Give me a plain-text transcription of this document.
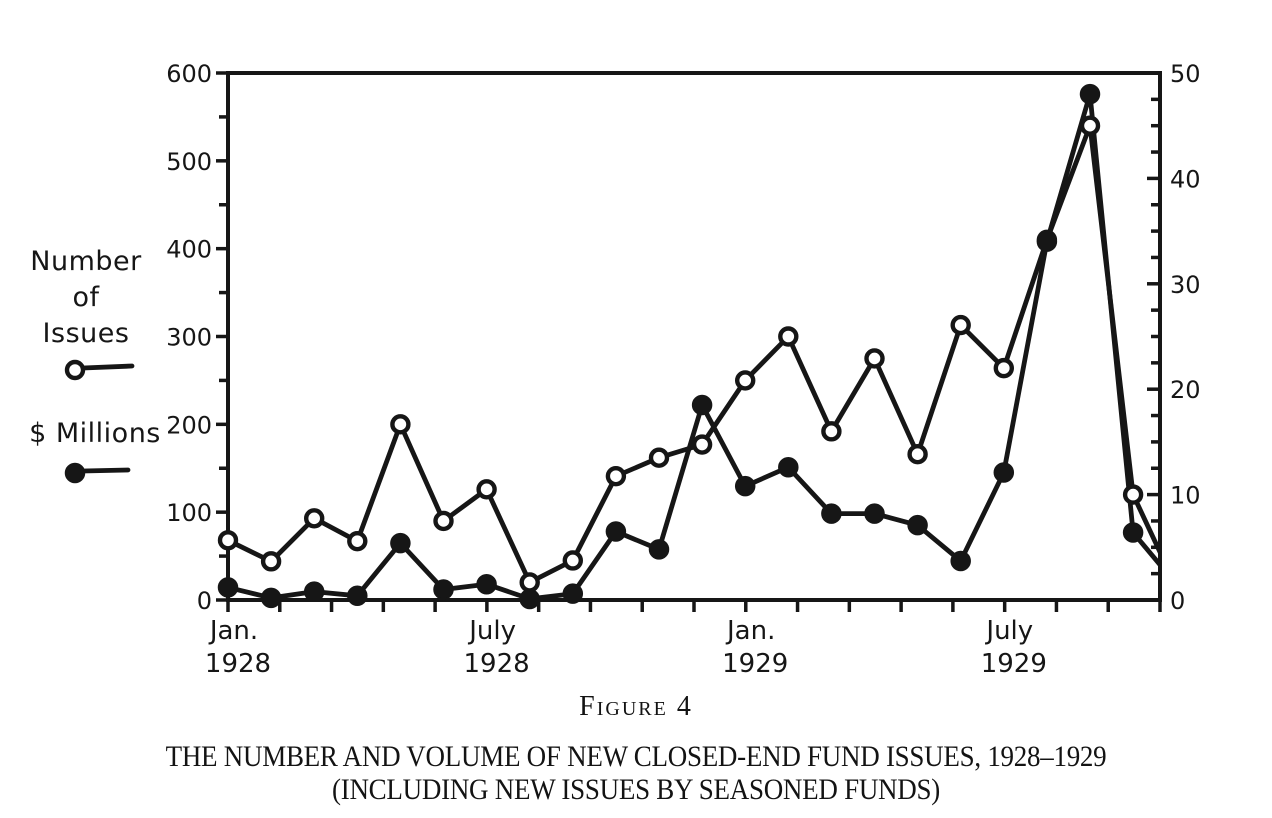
Number
of
Issues
$ Millions
0
100
200
300
400
500
600
0
10
20
30
40
50
Jan.
1928
July
1928
Jan.
1929
July
1929
Figure 4
THE NUMBER AND VOLUME OF NEW CLOSED-END FUND ISSUES, 1928–1929
(INCLUDING NEW ISSUES BY SEASONED FUNDS)
